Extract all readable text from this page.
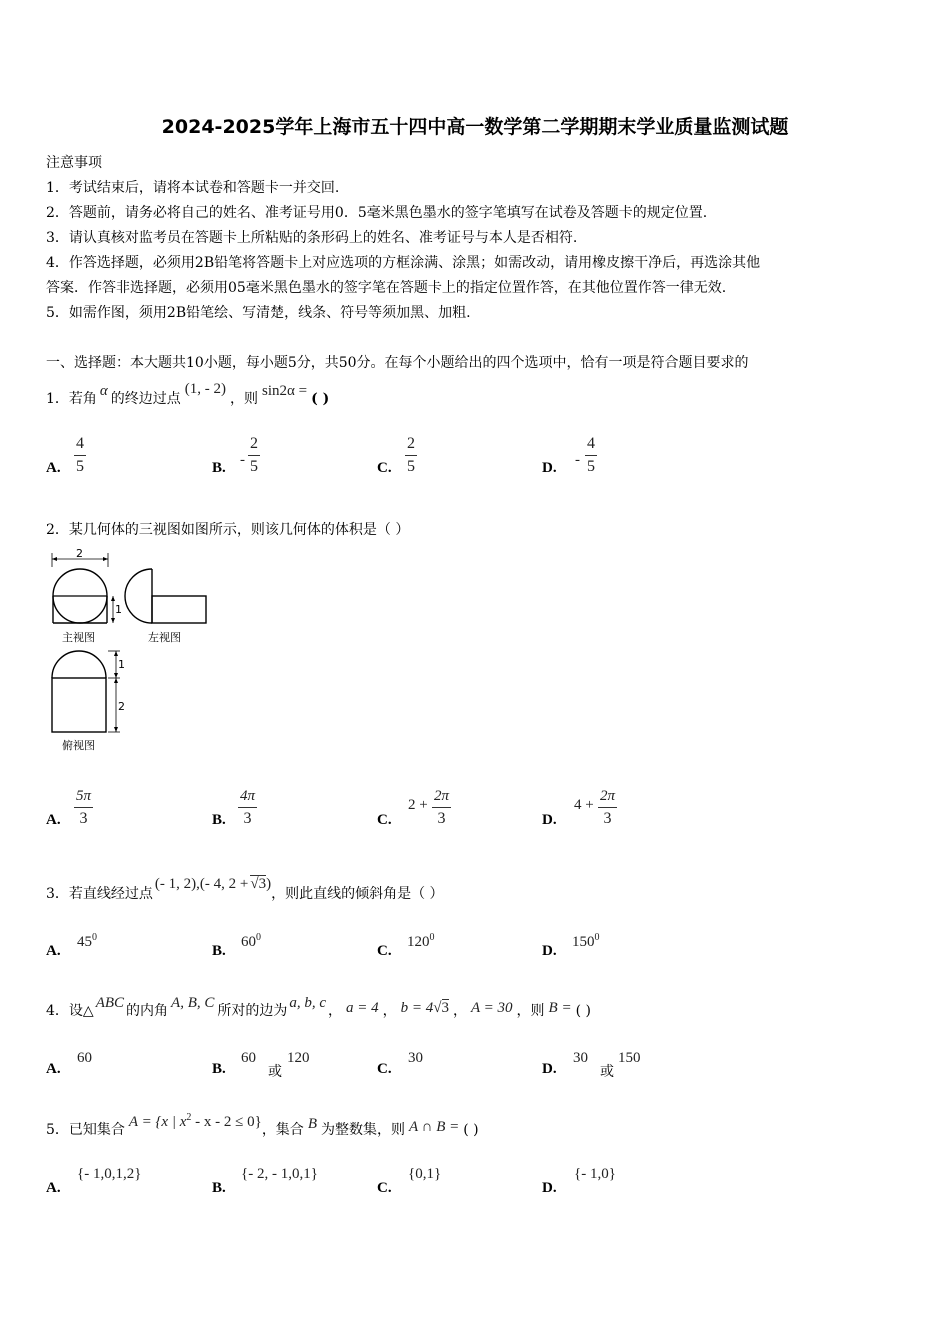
2024-2025学年上海市五十四中高一数学第二学期期末学业质量监测试题
注意事项
1．考试结束后，请将本试卷和答题卡一并交回.
2．答题前，请务必将自己的姓名、准考证号用0．5毫米黑色墨水的签字笔填写在试卷及答题卡的规定位置.
3．请认真核对监考员在答题卡上所粘贴的条形码上的姓名、准考证号与本人是否相符.
4．作答选择题，必须用2B铅笔将答题卡上对应选项的方框涂满、涂黑；如需改动，请用橡皮擦干净后，再选涂其他
答案．作答非选择题，必须用05毫米黑色墨水的签字笔在答题卡上的指定位置作答，在其他位置作答一律无效.
5．如需作图，须用2B铅笔绘、写清楚，线条、符号等须加黑、加粗.
一、选择题：本大题共10小题，每小题5分，共50分。在每个小题给出的四个选项中，恰有一项是符合题目要求的
1．若角 α 的终边过点(1, - 2)，则 sin2α = ( )
A. $\frac{4}{5}$	B. - $\frac{2}{5}$	C. $\frac{2}{5}$	D. - $\frac{4}{5}$
2．某几何体的三视图如图所示，则该几何体的体积是（ ）
2
1
主视图	左视图
1
2
俯视图
A. $\frac{5\pi}{3}$	B. $\frac{4\pi}{3}$	C.
$2 + \frac{2\pi}{3}$	D.
$4 + \frac{2\pi}{3}$
3．若直线经过点(- 1, 2),(- 4, 2 + √3)，则此直线的倾斜角是（ ）
A.
$45^0$
B.
$60^0$
C.
$120^0$
D.
$150^0$
4．设△ ABC 的内角 A, B, C 所对的边为 a, b, c ， a = 4 ， b = 4√3 ， A = 30 ，则 B = ( )
A.
60
B.
60
或
120
C.
30
D.
30
或
150
5．已知集合 A = {x | $x^2 - x - 2 \le 0$}，集合 B 为整数集，则 A ∩ B = ( )
A.
{- 1,0,1,2}
B.
{- 2, - 1,0,1}
C.
{0,1}
D.
{- 1,0}
